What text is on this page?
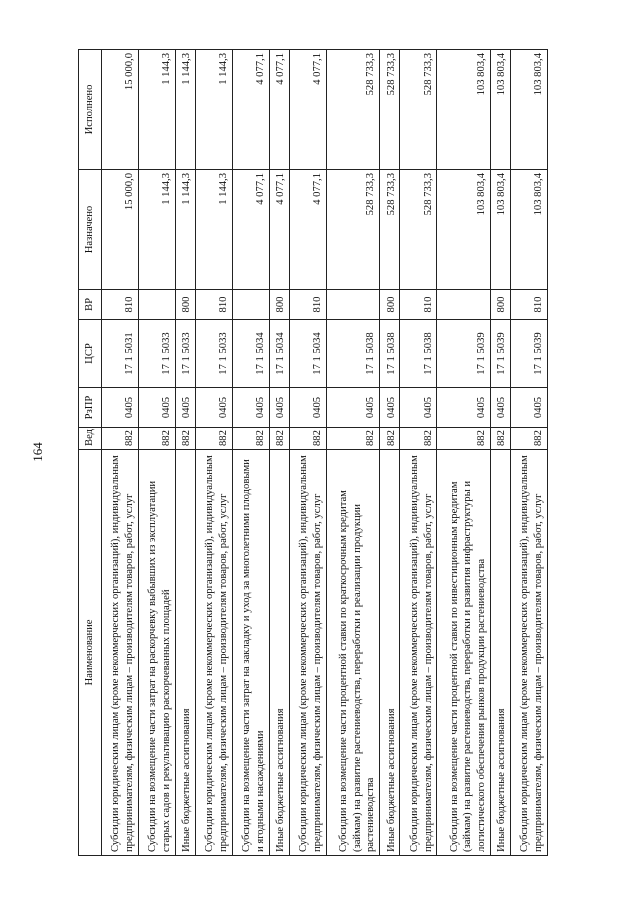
164
Наименование	Вед	РзПР	ЦСР	ВР	Назначено	Исполнено
Субсидии юридическим лицам (кроме некоммерческих организаций), индивидуальным предпринимателям, физическим лицам – производителям товаров, работ, услуг	882	0405	17 1 5031	810	15 000,0	15 000,0
Субсидии на возмещение части затрат на раскорчевку выбывших из эксплуатации старых садов и рекультивацию раскорчеванных площадей	882	0405	17 1 5033		1 144,3	1 144,3
Иные бюджетные ассигнования	882	0405	17 1 5033	800	1 144,3	1 144,3
Субсидии юридическим лицам (кроме некоммерческих организаций), индивидуальным предпринимателям, физическим лицам – производителям товаров, работ, услуг	882	0405	17 1 5033	810	1 144,3	1 144,3
Субсидии на возмещение части затрат на закладку и уход за многолетними плодовыми и ягодными насаждениями	882	0405	17 1 5034		4 077,1	4 077,1
Иные бюджетные ассигнования	882	0405	17 1 5034	800	4 077,1	4 077,1
Субсидии юридическим лицам (кроме некоммерческих организаций), индивидуальным предпринимателям, физическим лицам – производителям товаров, работ, услуг	882	0405	17 1 5034	810	4 077,1	4 077,1
Субсидии на возмещение части процентной ставки по краткосрочным кредитам (займам) на развитие растениеводства, переработки и реализации продукции растениеводства	882	0405	17 1 5038		528 733,3	528 733,3
Иные бюджетные ассигнования	882	0405	17 1 5038	800	528 733,3	528 733,3
Субсидии юридическим лицам (кроме некоммерческих организаций), индивидуальным предпринимателям, физическим лицам – производителям товаров, работ, услуг	882	0405	17 1 5038	810	528 733,3	528 733,3
Субсидии на возмещение части процентной ставки по инвестиционным кредитам (займам) на развитие растениеводства, переработки и развития инфраструктуры и логистического обеспечения рынков продукции растениеводства	882	0405	17 1 5039		103 803,4	103 803,4
Иные бюджетные ассигнования	882	0405	17 1 5039	800	103 803,4	103 803,4
Субсидии юридическим лицам (кроме некоммерческих организаций), индивидуальным предпринимателям, физическим лицам – производителям товаров, работ, услуг	882	0405	17 1 5039	810	103 803,4	103 803,4
